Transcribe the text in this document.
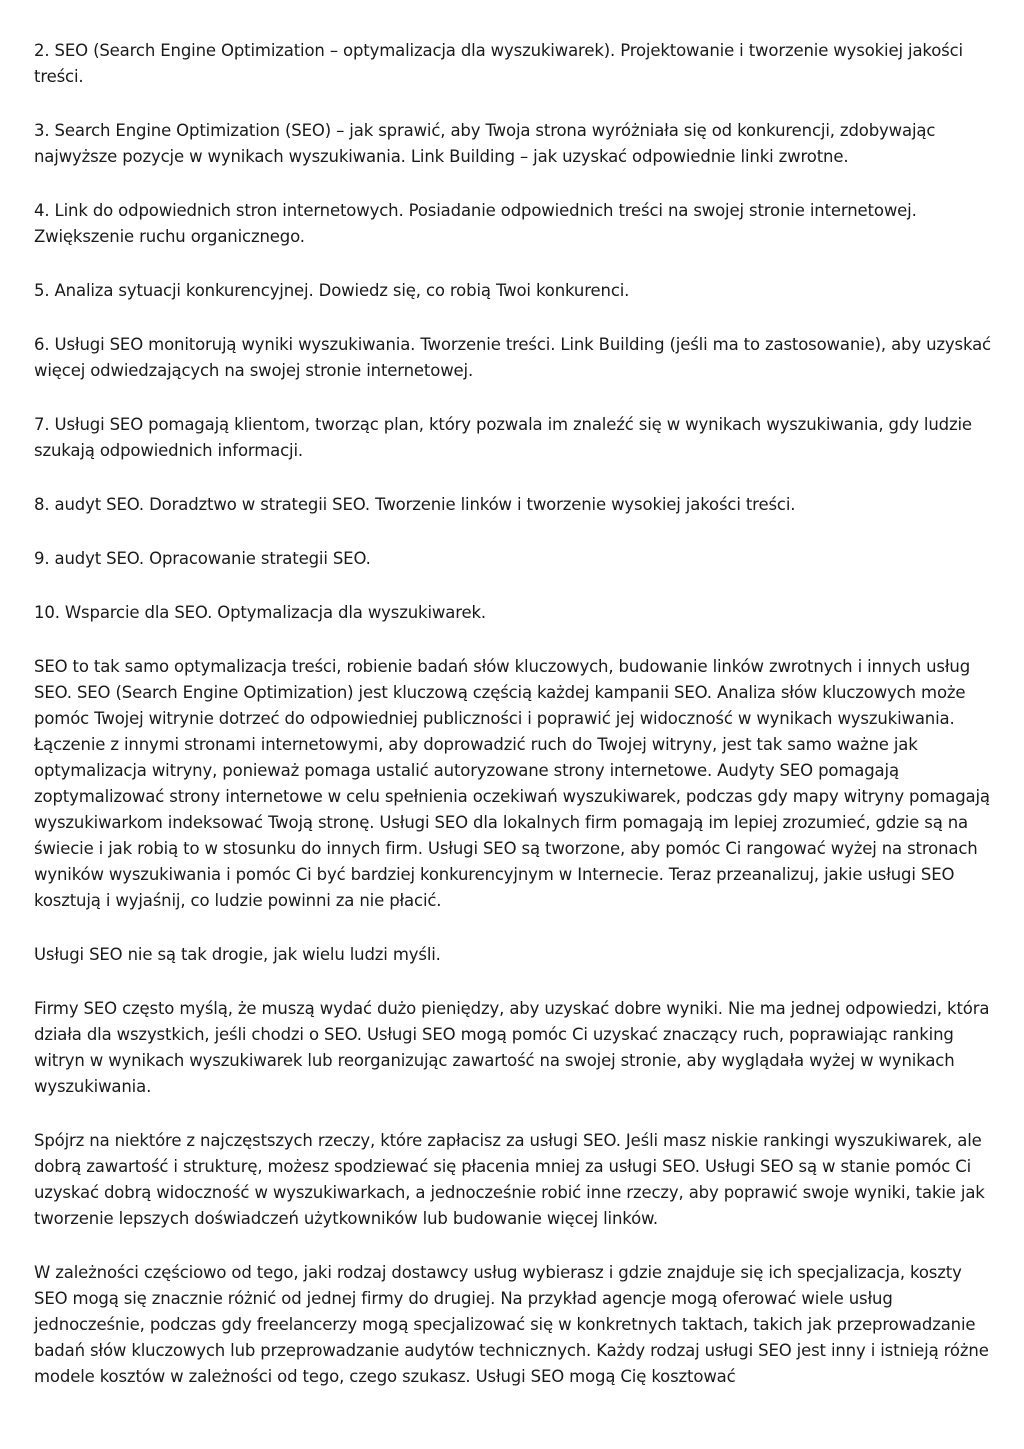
2. SEO (Search Engine Optimization – optymalizacja dla wyszukiwarek). Projektowanie i tworzenie wysokiej jakości treści.

3. Search Engine Optimization (SEO) – jak sprawić, aby Twoja strona wyróżniała się od konkurencji, zdobywając najwyższe pozycje w wynikach wyszukiwania. Link Building – jak uzyskać odpowiednie linki zwrotne.

4. Link do odpowiednich stron internetowych. Posiadanie odpowiednich treści na swojej stronie internetowej. Zwiększenie ruchu organicznego.

5. Analiza sytuacji konkurencyjnej. Dowiedz się, co robią Twoi konkurenci.

6. Usługi SEO monitorują wyniki wyszukiwania. Tworzenie treści. Link Building (jeśli ma to zastosowanie), aby uzyskać więcej odwiedzających na swojej stronie internetowej.

7. Usługi SEO pomagają klientom, tworząc plan, który pozwala im znaleźć się w wynikach wyszukiwania, gdy ludzie szukają odpowiednich informacji.

8. audyt SEO. Doradztwo w strategii SEO. Tworzenie linków i tworzenie wysokiej jakości treści.

9. audyt SEO. Opracowanie strategii SEO.

10. Wsparcie dla SEO. Optymalizacja dla wyszukiwarek.

SEO to tak samo optymalizacja treści, robienie badań słów kluczowych, budowanie linków zwrotnych i innych usług SEO. SEO (Search Engine Optimization) jest kluczową częścią każdej kampanii SEO. Analiza słów kluczowych może pomóc Twojej witrynie dotrzeć do odpowiedniej publiczności i poprawić jej widoczność w wynikach wyszukiwania. Łączenie z innymi stronami internetowymi, aby doprowadzić ruch do Twojej witryny, jest tak samo ważne jak optymalizacja witryny, ponieważ pomaga ustalić autoryzowane strony internetowe. Audyty SEO pomagają zoptymalizować strony internetowe w celu spełnienia oczekiwań wyszukiwarek, podczas gdy mapy witryny pomagają wyszukiwarkom indeksować Twoją stronę. Usługi SEO dla lokalnych firm pomagają im lepiej zrozumieć, gdzie są na świecie i jak robią to w stosunku do innych firm. Usługi SEO są tworzone, aby pomóc Ci rangować wyżej na stronach wyników wyszukiwania i pomóc Ci być bardziej konkurencyjnym w Internecie. Teraz przeanalizuj, jakie usługi SEO kosztują i wyjaśnij, co ludzie powinni za nie płacić.

Usługi SEO nie są tak drogie, jak wielu ludzi myśli.

Firmy SEO często myślą, że muszą wydać dużo pieniędzy, aby uzyskać dobre wyniki. Nie ma jednej odpowiedzi, która działa dla wszystkich, jeśli chodzi o SEO. Usługi SEO mogą pomóc Ci uzyskać znaczący ruch, poprawiając ranking witryn w wynikach wyszukiwarek lub reorganizując zawartość na swojej stronie, aby wyglądała wyżej w wynikach wyszukiwania.

Spójrz na niektóre z najczęstszych rzeczy, które zapłacisz za usługi SEO. Jeśli masz niskie rankingi wyszukiwarek, ale dobrą zawartość i strukturę, możesz spodziewać się płacenia mniej za usługi SEO. Usługi SEO są w stanie pomóc Ci uzyskać dobrą widoczność w wyszukiwarkach, a jednocześnie robić inne rzeczy, aby poprawić swoje wyniki, takie jak tworzenie lepszych doświadczeń użytkowników lub budowanie więcej linków.

W zależności częściowo od tego, jaki rodzaj dostawcy usług wybierasz i gdzie znajduje się ich specjalizacja, koszty SEO mogą się znacznie różnić od jednej firmy do drugiej. Na przykład agencje mogą oferować wiele usług jednocześnie, podczas gdy freelancerzy mogą specjalizować się w konkretnych taktach, takich jak przeprowadzanie badań słów kluczowych lub przeprowadzanie audytów technicznych. Każdy rodzaj usługi SEO jest inny i istnieją różne modele kosztów w zależności od tego, czego szukasz. Usługi SEO mogą Cię kosztować
